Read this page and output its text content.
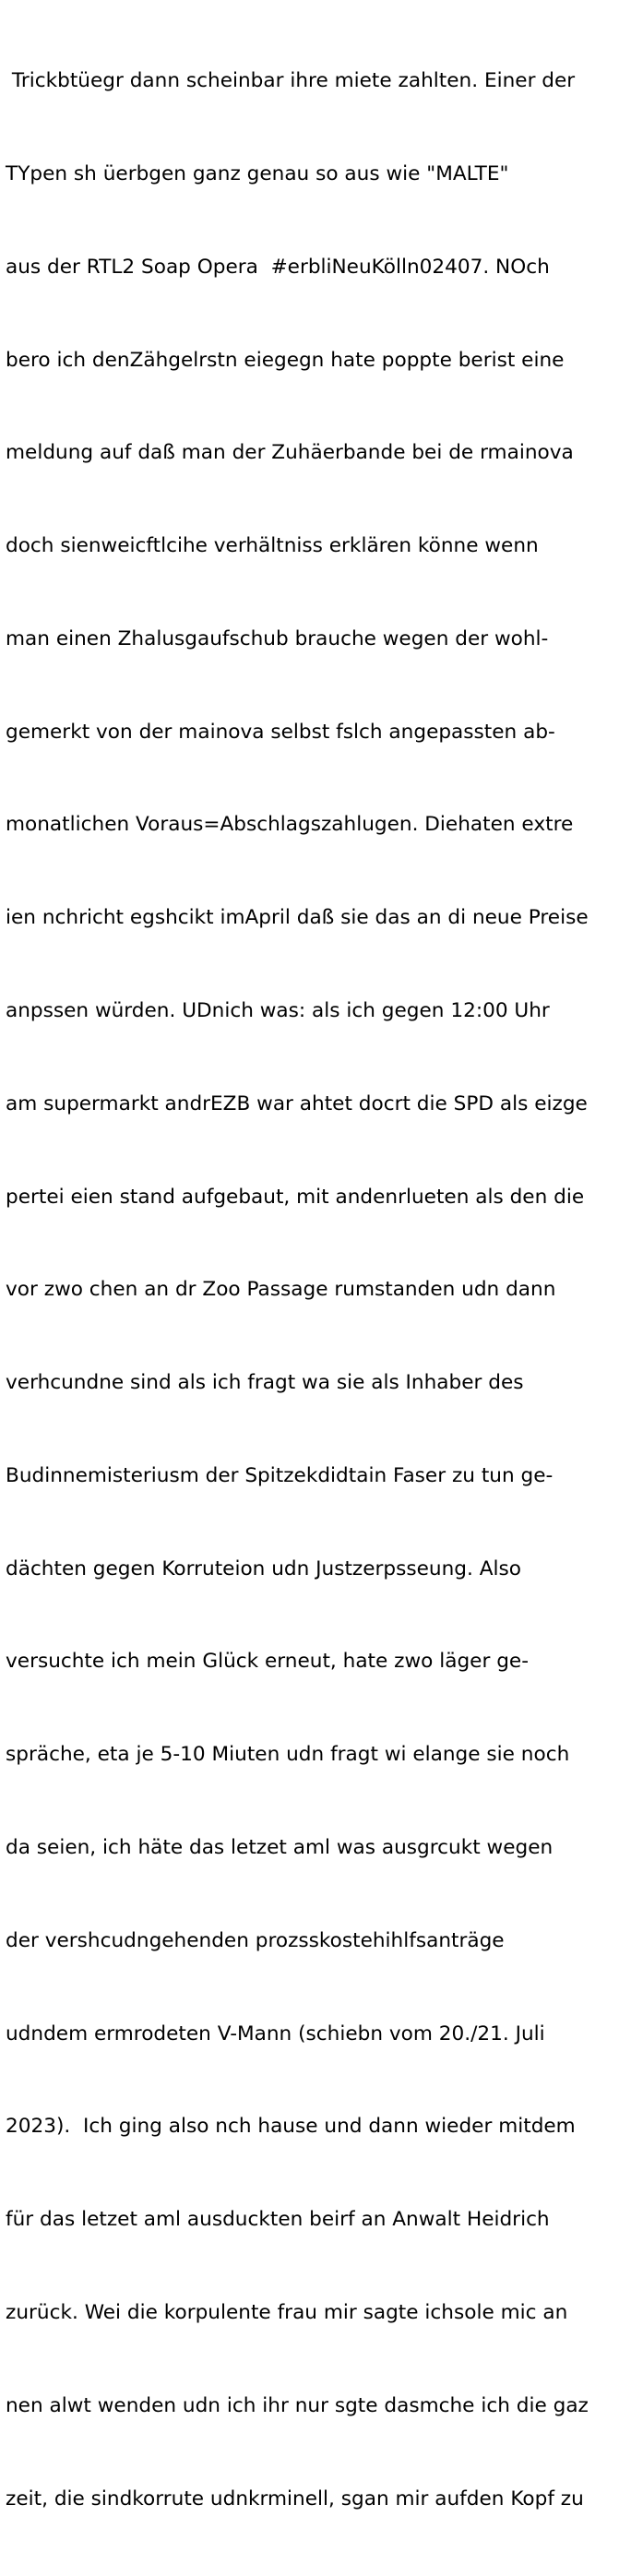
Trickbtüegr dann scheinbar ihre miete zahlten. Einer der

TYpen sh üerbgen ganz genau so aus wie "MALTE"

aus der RTL2 Soap Opera  #erbliNeuKölln02407. NOch

bero ich denZähgelrstn eiegegn hate poppte berist eine

meldung auf daß man der Zuhäerbande bei de rmainova

doch sienweicftlcihe verhältniss erklären könne wenn

man einen Zhalusgaufschub brauche wegen der wohl-

gemerkt von der mainova selbst fslch angepassten ab-

monatlichen Voraus=Abschlagszahlugen. Diehaten extre

ien nchricht egshcikt imApril daß sie das an di neue Preise

anpssen würden. UDnich was: als ich gegen 12:00 Uhr

am supermarkt andrEZB war ahtet docrt die SPD als eizge

pertei eien stand aufgebaut, mit andenrlueten als den die

vor zwo chen an dr Zoo Passage rumstanden udn dann

verhcundne sind als ich fragt wa sie als Inhaber des

Budinnemisteriusm der Spitzekdidtain Faser zu tun ge-

dächten gegen Korruteion udn Justzerpsseung. Also

versuchte ich mein Glück erneut, hate zwo läger ge-

spräche, eta je 5-10 Miuten udn fragt wi elange sie noch

da seien, ich häte das letzet aml was ausgrcukt wegen

der vershcudngehenden prozsskostehihlfsanträge

udndem ermrodeten V-Mann (schiebn vom 20./21. Juli

2023).  Ich ging also nch hause und dann wieder mitdem

für das letzet aml ausduckten beirf an Anwalt Heidrich

zurück. Wei die korpulente frau mir sagte ichsole mic an

nen alwt wenden udn ich ihr nur sgte dasmche ich die gaz

zeit, die sindkorrute udnkrminell, sgan mir aufden Kopf zu
